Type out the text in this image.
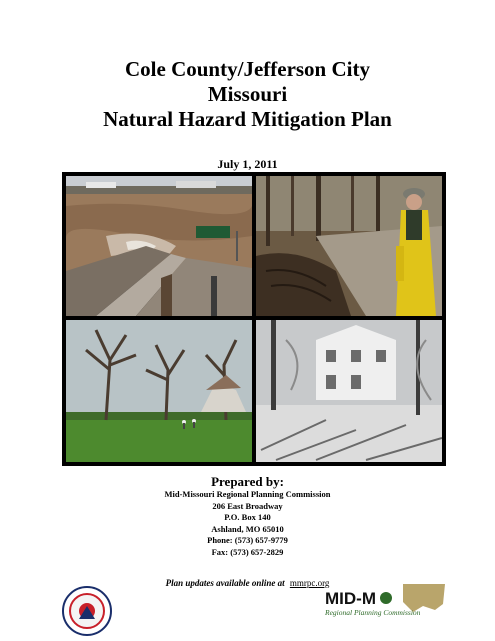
Cole County/Jefferson City
Missouri
Natural Hazard Mitigation Plan
July 1, 2011
Prepared by:
Mid-Missouri Regional Planning Commission
206 East Broadway
P.O. Box 140
Ashland, MO 65010
Phone: (573) 657-9779
Fax: (573) 657-2829
Plan updates available online at mmrpc.org
MID-M
Regional Planning Commission
